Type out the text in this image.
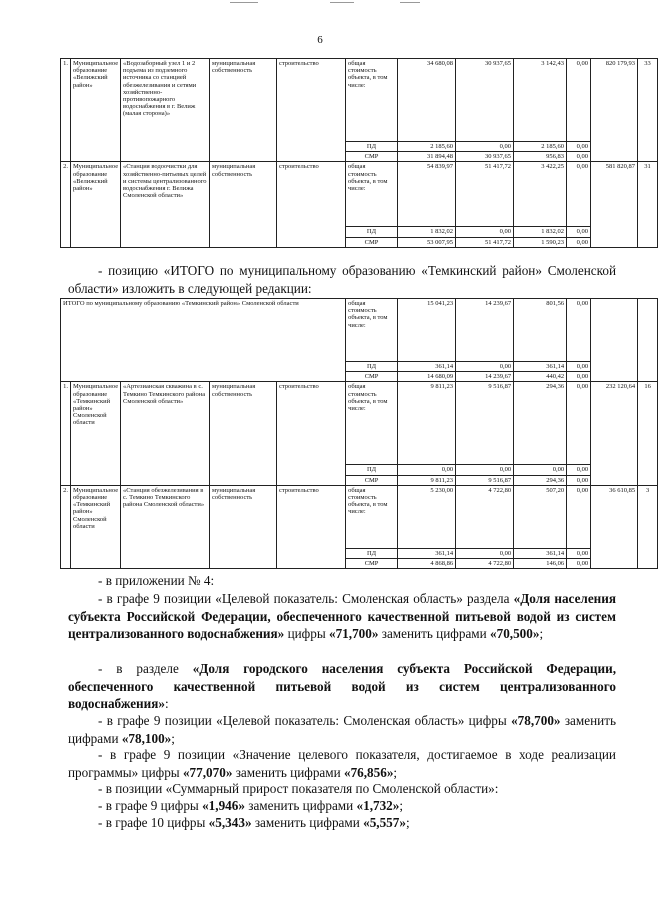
6
1.	Муниципальное образование «Велижский район»	«Водозаборный узел 1 и 2 подъема из подземного источника со станцией обезжелезивания и сетями хозяйственно-противопожарного водоснабжения в г. Велиж (малая сторона)»	муниципальная собственность	строительство	общая стоимость объекта, в том числе:	34 680,08	30 937,65	3 142,43	0,00	820 179,93	33
					ПД	2 185,60	0,00	2 185,60	0,00		
					СМР	31 894,48	30 937,65	956,83	0,00		
2.	Муниципальное образование «Велижский район»	«Станция водоочистки для хозяйственно-питьевых целей и системы централизованного водоснабжения г. Велижа Смоленской области»	муниципальная собственность	строительство	общая стоимость объекта, в том числе:	54 839,97	51 417,72	3 422,25	0,00	581 820,87	31
					ПД	1 832,02	0,00	1 832,02	0,00		
					СМР	53 007,95	51 417,72	1 590,23	0,00		
- позицию «ИТОГО по муниципальному образованию «Темкинский район» Смоленской области» изложить в следующей редакции:
ИТОГО по муниципальному образованию «Темкинский район» Смоленской области					общая стоимость объекта, в том числе:	15 041,23	14 239,67	801,56	0,00		
					ПД	361,14	0,00	361,14	0,00		
					СМР	14 680,09	14 239,67	440,42	0,00		
1.	Муниципальное образование «Темкинский район» Смоленской области	«Артезианская скважина в с. Темкино Темкинского района Смоленской области»	муниципальная собственность	строительство	общая стоимость объекта, в том числе:	9 811,23	9 516,87	294,36	0,00	232 120,64	16
					ПД	0,00	0,00	0,00	0,00		
					СМР	9 811,23	9 516,87	294,36	0,00		
2.	Муниципальное образование «Темкинский район» Смоленской области	«Станция обезжелезивания в с. Темкино Темкинского района Смоленской области»	муниципальная собственность	строительство	общая стоимость объекта, в том числе:	5 230,00	4 722,80	507,20	0,00	36 610,85	3
					ПД	361,14	0,00	361,14	0,00		
					СМР	4 868,86	4 722,80	146,06	0,00		
- в приложении № 4:
- в графе 9 позиции «Целевой показатель: Смоленская область» раздела «Доля населения субъекта Российской Федерации, обеспеченного качественной питьевой водой из систем централизованного водоснабжения» цифры «71,700» заменить цифрами «70,500»;
- в разделе «Доля городского населения субъекта Российской Федерации, обеспеченного качественной питьевой водой из систем централизованного водоснабжения»:
- в графе 9 позиции «Целевой показатель: Смоленская область» цифры «78,700» заменить цифрами «78,100»;
- в графе 9 позиции «Значение целевого показателя, достигаемое в ходе реализации программы» цифры «77,070» заменить цифрами «76,856»;
- в позиции «Суммарный прирост показателя по Смоленской области»:
- в графе 9 цифры «1,946» заменить цифрами «1,732»;
- в графе 10 цифры «5,343» заменить цифрами «5,557»;
